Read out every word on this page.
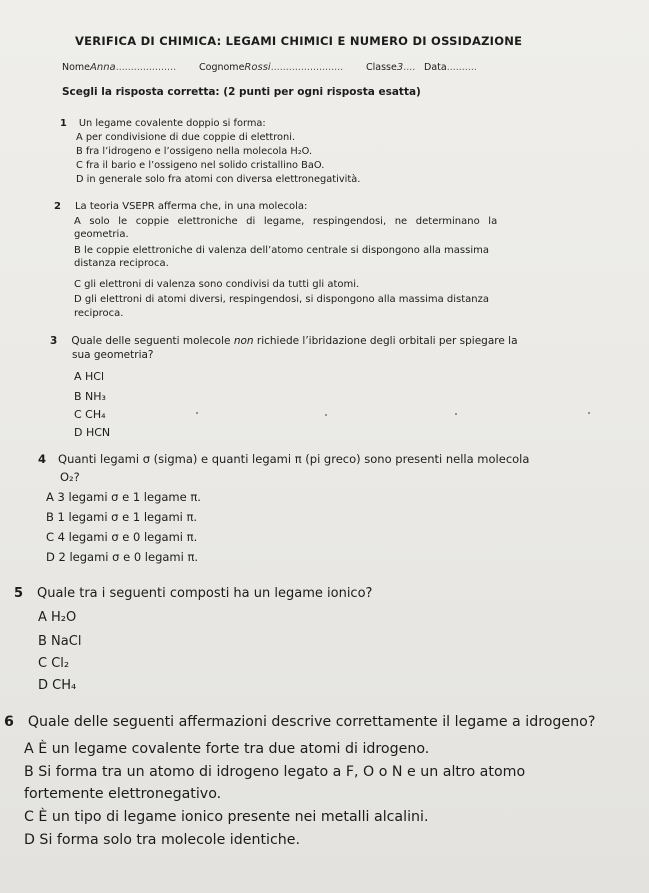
VERIFICA DI CHIMICA: LEGAMI CHIMICI E NUMERO DI OSSIDAZIONE
NomeAnna.................... CognomeRossi........................ Classe3.... Data..........
Scegli la risposta corretta: (2 punti per ogni risposta esatta)
1 Un legame covalente doppio si forma:
A per condivisione di due coppie di elettroni.
B fra l’idrogeno e l’ossigeno nella molecola H₂O.
C fra il bario e l’ossigeno nel solido cristallino BaO.
D in generale solo fra atomi con diversa elettronegatività.
2 La teoria VSEPR afferma che, in una molecola:
A solo le coppie elettroniche di legame, respingendosi, ne determinano la
geometria.
B le coppie elettroniche di valenza dell’atomo centrale si dispongono alla massima
distanza reciproca.
C gli elettroni di valenza sono condivisi da tutti gli atomi.
D gli elettroni di atomi diversi, respingendosi, si dispongono alla massima distanza
reciproca.
3 Quale delle seguenti molecole non richiede l’ibridazione degli orbitali per spiegare la
sua geometria?
A HCl
B NH₃
C CH₄
D HCN
4 Quanti legami σ (sigma) e quanti legami π (pi greco) sono presenti nella molecola
O₂?
A 3 legami σ e 1 legame π.
B 1 legami σ e 1 legami π.
C 4 legami σ e 0 legami π.
D 2 legami σ e 0 legami π.
5 Quale tra i seguenti composti ha un legame ionico?
A H₂O
B NaCl
C Cl₂
D CH₄
6 Quale delle seguenti affermazioni descrive correttamente il legame a idrogeno?
A È un legame covalente forte tra due atomi di idrogeno.
B Si forma tra un atomo di idrogeno legato a F, O o N e un altro atomo
fortemente elettronegativo.
C È un tipo di legame ionico presente nei metalli alcalini.
D Si forma solo tra molecole identiche.
